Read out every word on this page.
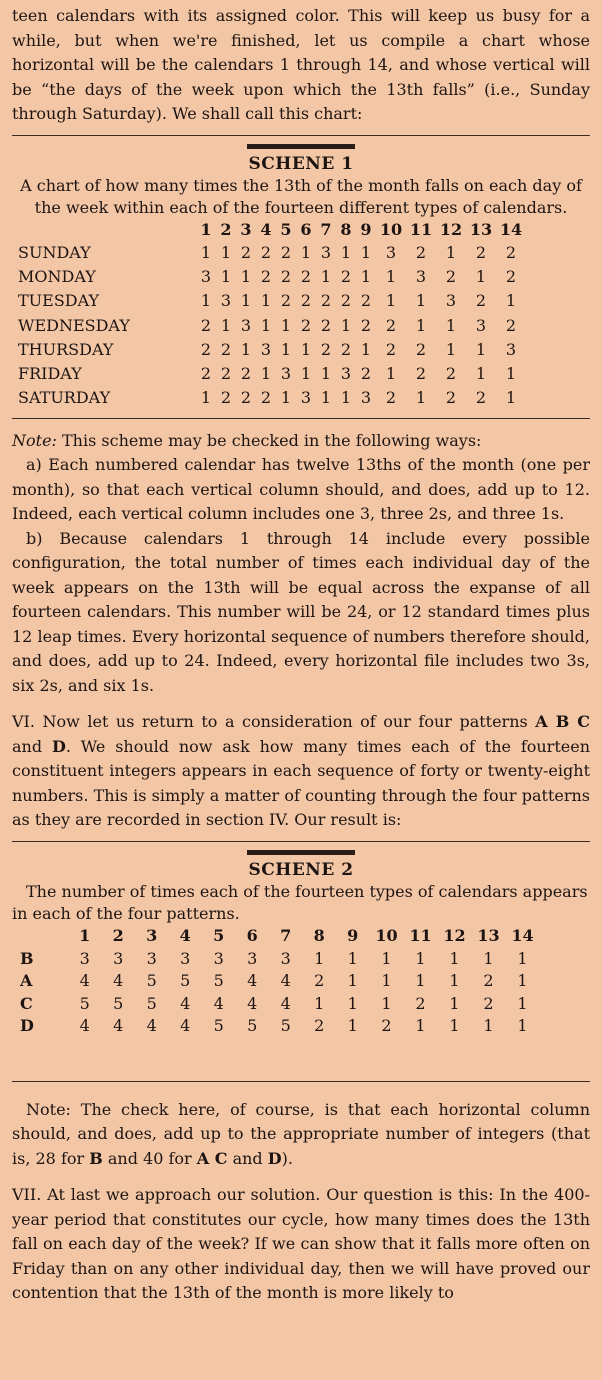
teen calendars with its assigned color. This will keep us busy for a while, but when we're finished, let us compile a chart whose horizontal will be the calendars 1 through 14, and whose vertical will be “the days of the week upon which the 13th falls” (i.e., Sunday through Saturday). We shall call this chart:

SCHENE 1
A chart of how many times the 13th of the month falls on each day of the week within each of the fourteen different types of calendars.
	1	2	3	4	5	6	7	8	9	10	11	12	13	14
SUNDAY	1	1	2	2	2	1	3	1	1	3	2	1	2	2
MONDAY	3	1	1	2	2	2	1	2	1	1	3	2	1	2
TUESDAY	1	3	1	1	2	2	2	2	2	1	1	3	2	1
WEDNESDAY	2	1	3	1	1	2	2	1	2	2	1	1	3	2
THURSDAY	2	2	1	3	1	1	2	2	1	2	2	1	1	3
FRIDAY	2	2	2	1	3	1	1	3	2	1	2	2	1	1
SATURDAY	1	2	2	2	1	3	1	1	3	2	1	2	2	1

Note: This scheme may be checked in the following ways:

a) Each numbered calendar has twelve 13ths of the month (one per month), so that each vertical column should, and does, add up to 12. Indeed, each vertical column includes one 3, three 2s, and three 1s.

b) Because calendars 1 through 14 include every possible configuration, the total number of times each individual day of the week appears on the 13th will be equal across the expanse of all fourteen calendars. This number will be 24, or 12 standard times plus 12 leap times. Every horizontal sequence of numbers therefore should, and does, add up to 24. Indeed, every horizontal file includes two 3s, six 2s, and six 1s.

VI. Now let us return to a consideration of our four patterns A B C and D. We should now ask how many times each of the fourteen constituent integers appears in each sequence of forty or twenty-eight numbers. This is simply a matter of counting through the four patterns as they are recorded in section IV. Our result is:

SCHENE 2
The number of times each of the fourteen types of calendars appears in each of the four patterns.
	1	2	3	4	5	6	7	8	9	10	11	12	13	14
B	3	3	3	3	3	3	3	1	1	1	1	1	1	1
A	4	4	5	5	5	4	4	2	1	1	1	1	2	1
C	5	5	5	4	4	4	4	1	1	1	2	1	2	1
D	4	4	4	4	5	5	5	2	1	2	1	1	1	1

Note: The check here, of course, is that each horizontal column should, and does, add up to the appropriate number of integers (that is, 28 for B and 40 for A C and D).

VII. At last we approach our solution. Our question is this: In the 400-year period that constitutes our cycle, how many times does the 13th fall on each day of the week? If we can show that it falls more often on Friday than on any other individual day, then we will have proved our contention that the 13th of the month is more likely to
